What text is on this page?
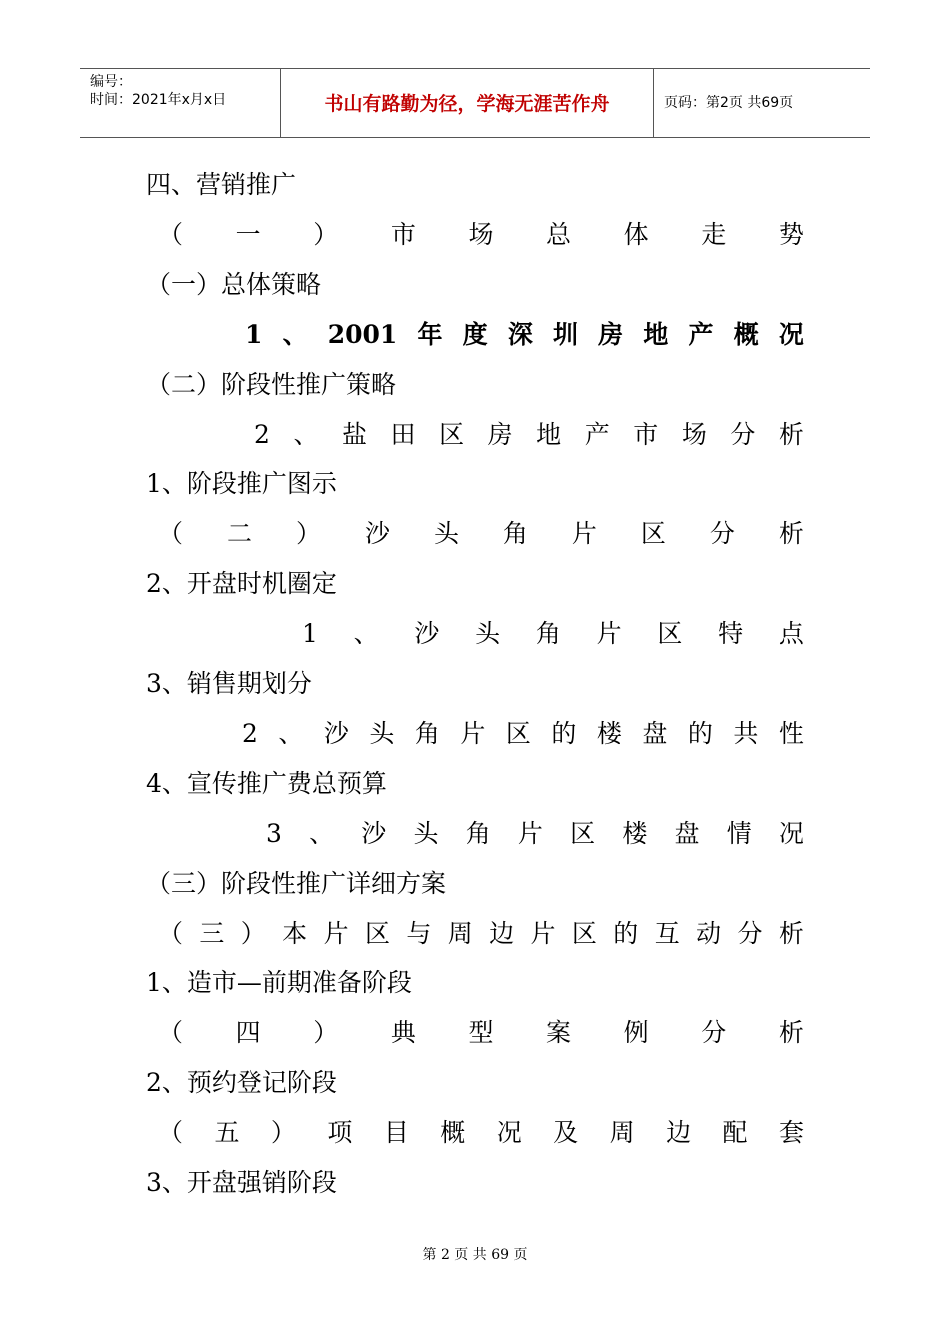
编号：
时间：2021年x月x日	书山有路勤为径，学海无涯苦作舟	页码：第2页 共69页
四、营销推广
（ 一 ） 市 场 总 体 走 势
（一）总体策略
1 、 2001 年 度 深 圳 房 地 产 概 况
（二）阶段性推广策略
2 、 盐 田 区 房 地 产 市 场 分 析
1、阶段推广图示
（ 二 ） 沙 头 角 片 区 分 析
2、开盘时机圈定
1 、 沙 头 角 片 区 特 点
3、销售期划分
2 、 沙 头 角 片 区 的 楼 盘 的 共 性
4、宣传推广费总预算
3 、 沙 头 角 片 区 楼 盘 情 况
（三）阶段性推广详细方案
（ 三 ） 本 片 区 与 周 边 片 区 的 互 动 分 析
1、造市—前期准备阶段
（ 四 ） 典 型 案 例 分 析
2、预约登记阶段
（ 五 ） 项 目 概 况 及 周 边 配 套
3、开盘强销阶段
第 2 页 共 69 页
